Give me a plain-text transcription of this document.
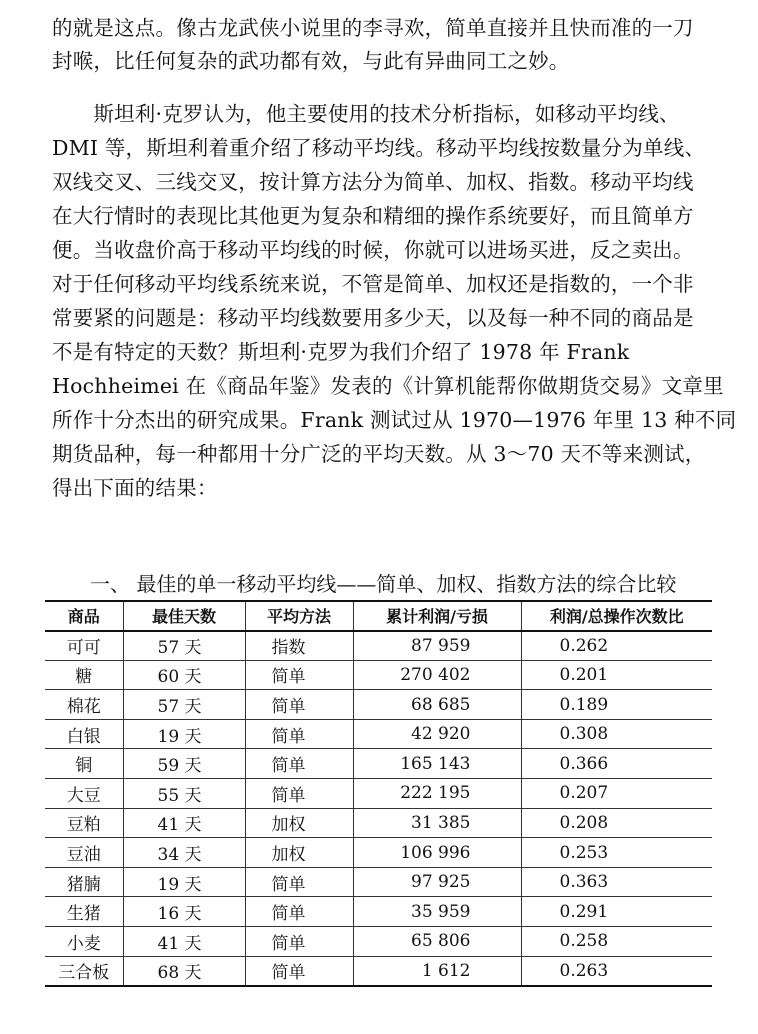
的就是这点。像古龙武侠小说里的李寻欢，简单直接并且快而准的一刀

封喉，比任何复杂的武功都有效，与此有异曲同工之妙。

　　斯坦利·克罗认为，他主要使用的技术分析指标，如移动平均线、

DMI 等，斯坦利着重介绍了移动平均线。移动平均线按数量分为单线、

双线交叉、三线交叉，按计算方法分为简单、加权、指数。移动平均线

在大行情时的表现比其他更为复杂和精细的操作系统要好，而且简单方

便。当收盘价高于移动平均线的时候，你就可以进场买进，反之卖出。

对于任何移动平均线系统来说，不管是简单、加权还是指数的，一个非

常要紧的问题是：移动平均线数要用多少天，以及每一种不同的商品是

不是有特定的天数？斯坦利·克罗为我们介绍了 1978 年 Frank

Hochheimei 在《商品年鉴》发表的《计算机能帮你做期货交易》文章里

所作十分杰出的研究成果。Frank 测试过从 1970—1976 年里 13 种不同

期货品种，每一种都用十分广泛的平均天数。从 3～70 天不等来测试，

得出下面的结果：

一、 最佳的单一移动平均线——简单、加权、指数方法的综合比较
商品	最佳天数	平均方法	累计利润/亏损	利润/总操作次数比
可可	57 天	指数	87 959	0.262
糖	60 天	简单	270 402	0.201
棉花	57 天	简单	68 685	0.189
白银	19 天	简单	42 920	0.308
铜	59 天	简单	165 143	0.366
大豆	55 天	简单	222 195	0.207
豆粕	41 天	加权	31 385	0.208
豆油	34 天	加权	106 996	0.253
猪腩	19 天	简单	97 925	0.363
生猪	16 天	简单	35 959	0.291
小麦	41 天	简单	65 806	0.258
三合板	68 天	简单	1 612	0.263
